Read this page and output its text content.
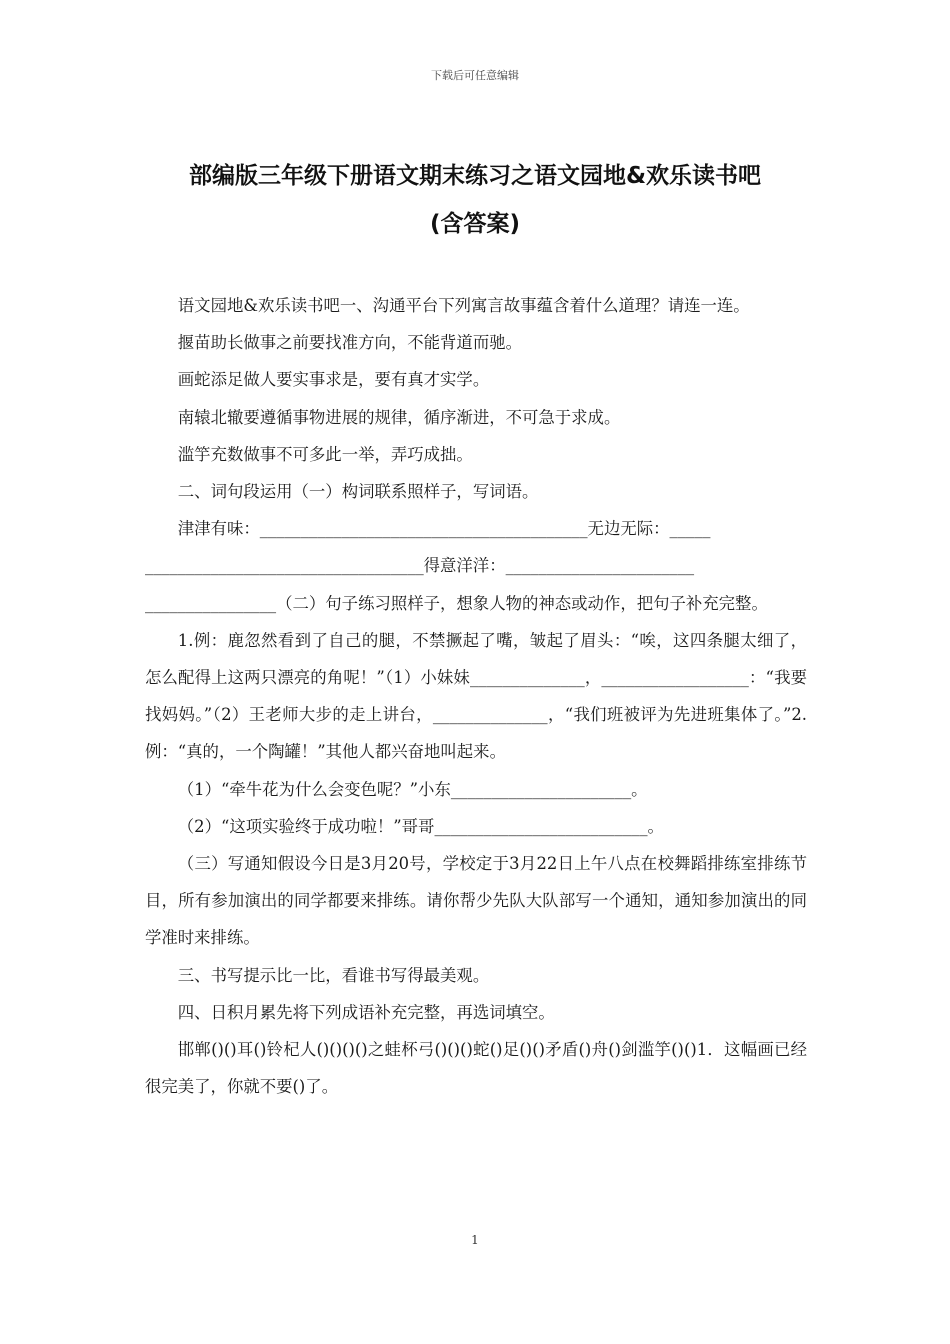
下载后可任意编辑
部编版三年级下册语文期末练习之语文园地&欢乐读书吧
(含答案)

语文园地&欢乐读书吧一、沟通平台下列寓言故事蕴含着什么道理？请连一连。

揠苗助长做事之前要找准方向，不能背道而驰。

画蛇添足做人要实事求是，要有真才实学。

南辕北辙要遵循事物进展的规律，循序渐进，不可急于求成。

滥竽充数做事不可多此一举，弄巧成拙。

二、词句段运用（一）构词联系照样子，写词语。

津津有味：________________________________________无边无际：_____

__________________________________得意洋洋：_______________________

________________（二）句子练习照样子，想象人物的神态或动作，把句子补充完整。

1.例：鹿忽然看到了自己的腿，不禁撅起了嘴，皱起了眉头：“唉，这四条腿太细了，怎么配得上这两只漂亮的角呢！”（1）小妹妹______________，__________________：“我要找妈妈。”（2）王老师大步的走上讲台，______________，“我们班被评为先进班集体了。”2.例：“真的，一个陶罐！”其他人都兴奋地叫起来。

（1）“牵牛花为什么会变色呢？”小东______________________。

（2）“这项实验终于成功啦！”哥哥__________________________。

（三）写通知假设今日是3月20号，学校定于3月22日上午八点在校舞蹈排练室排练节目，所有参加演出的同学都要来排练。请你帮少先队大队部写一个通知，通知参加演出的同学准时来排练。

三、书写提示比一比，看谁书写得最美观。

四、日积月累先将下列成语补充完整，再选词填空。

邯郸()()耳()铃杞人()()()()之蛙杯弓()()()蛇()足()()矛盾()舟()剑滥竽()()1．这幅画已经很完美了，你就不要()了。

1
